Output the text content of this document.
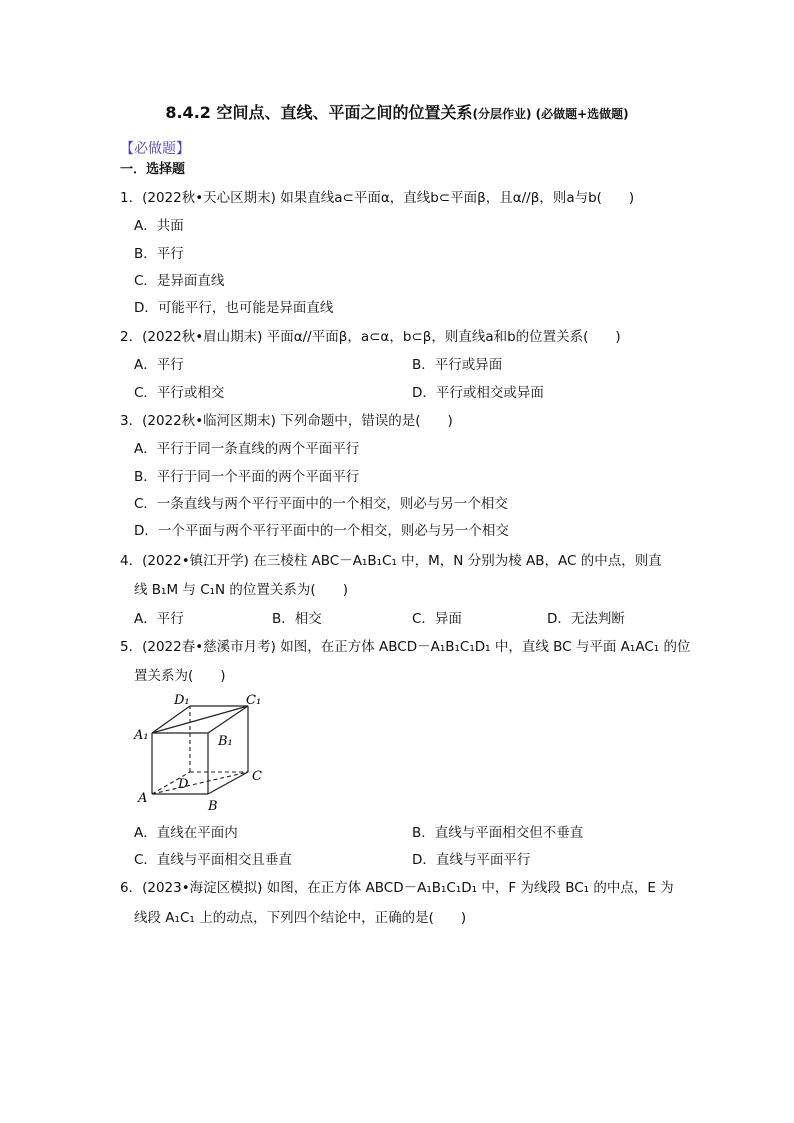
8.4.2 空间点、直线、平面之间的位置关系(分层作业) (必做题+选做题)
【必做题】
一．选择题
1．(2022秋•天心区期末) 如果直线a⊂平面α，直线b⊂平面β，且α//β，则a与b(　　)
A．共面
B．平行
C．是异面直线
D．可能平行，也可能是异面直线
2．(2022秋•眉山期末) 平面α//平面β，a⊂α，b⊂β，则直线a和b的位置关系(　　)
A．平行	B．平行或异面
C．平行或相交	D．平行或相交或异面
3．(2022秋•临河区期末) 下列命题中，错误的是(　　)
A．平行于同一条直线的两个平面平行
B．平行于同一个平面的两个平面平行
C．一条直线与两个平行平面中的一个相交，则必与另一个相交
D．一个平面与两个平行平面中的一个相交，则必与另一个相交
4．(2022•镇江开学) 在三棱柱 ABC－A₁B₁C₁ 中，M，N 分别为棱 AB，AC 的中点，则直
线 B₁M 与 C₁N 的位置关系为(　　)
A．平行	B．相交	C．异面	D．无法判断
5．(2022春•慈溪市月考) 如图，在正方体 ABCD－A₁B₁C₁D₁ 中，直线 BC 与平面 A₁AC₁ 的位
置关系为(　　)
A
B
C
D
A₁	B₁
C₁
D₁
A．直线在平面内	B．直线与平面相交但不垂直
C．直线与平面相交且垂直	D．直线与平面平行
6．(2023•海淀区模拟) 如图，在正方体 ABCD－A₁B₁C₁D₁ 中，F 为线段 BC₁ 的中点，E 为
线段 A₁C₁ 上的动点，下列四个结论中，正确的是(　　)
